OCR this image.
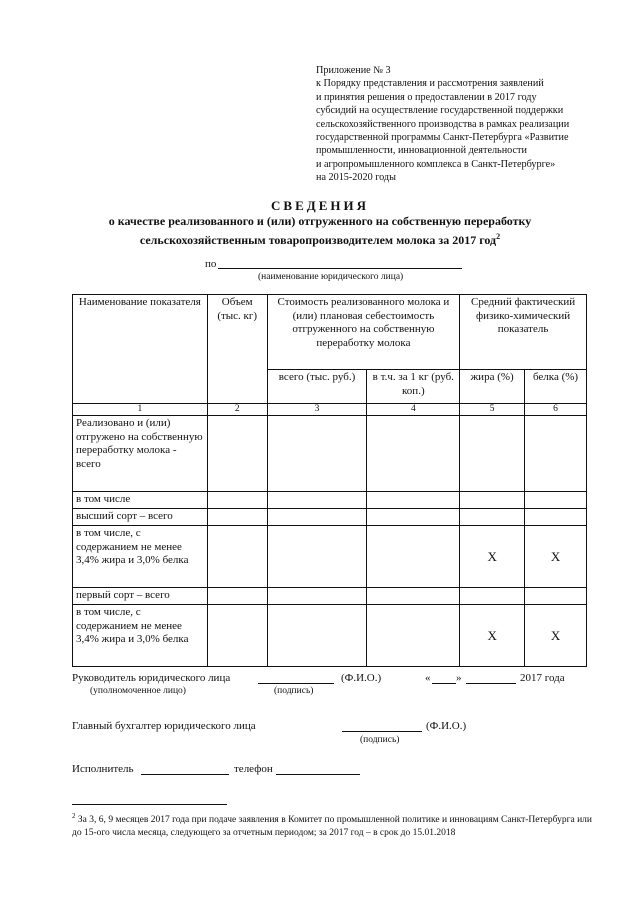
Приложение № 3
к Порядку представления и рассмотрения заявлений
и принятия решения о предоставлении в 2017 году
субсидий на осуществление государственной поддержки
сельскохозяйственного производства в рамках реализации
государственной программы Санкт-Петербурга «Развитие
промышленности, инновационной деятельности
и агропромышленного комплекса в Санкт-Петербурге»
на 2015-2020 годы
СВЕДЕНИЯ
о качестве реализованного и (или) отгруженного на собственную переработку
сельскохозяйственным товаропроизводителем молока за 2017 год$^2$
по
(наименование юридического лица)
Наименование показателя	Объем (тыс. кг)	Стоимость реализованного молока и (или) плановая себестоимость отгруженного на собственную переработку молока		Средний фактический физико-химический показатель	
		всего (тыс. руб.)	в т.ч. за 1 кг (руб. коп.)	жира (%)	белка (%)
1	2	3	4	5	6
Реализовано и (или) отгружено на собственную переработку молока - всего					
в том числе					
высший сорт – всего					
в том числе, с содержанием не менее 3,4% жира и 3,0% белка				X	X
первый сорт – всего					
в том числе, с содержанием не менее 3,4% жира и 3,0% белка				X	X
Руководитель юридического лица	(Ф.И.О.)	« »	2017 года
(уполномоченное лицо)	(подпись)
Главный бухгалтер юридического лица	(Ф.И.О.)
(подпись)
Исполнитель	телефон
$^2$ За 3, 6, 9 месяцев 2017 года при подаче заявления в Комитет по промышленной политике и инновациям Санкт-Петербурга или до 15-ого числа месяца, следующего за отчетным периодом; за 2017 год – в срок до 15.01.2018
